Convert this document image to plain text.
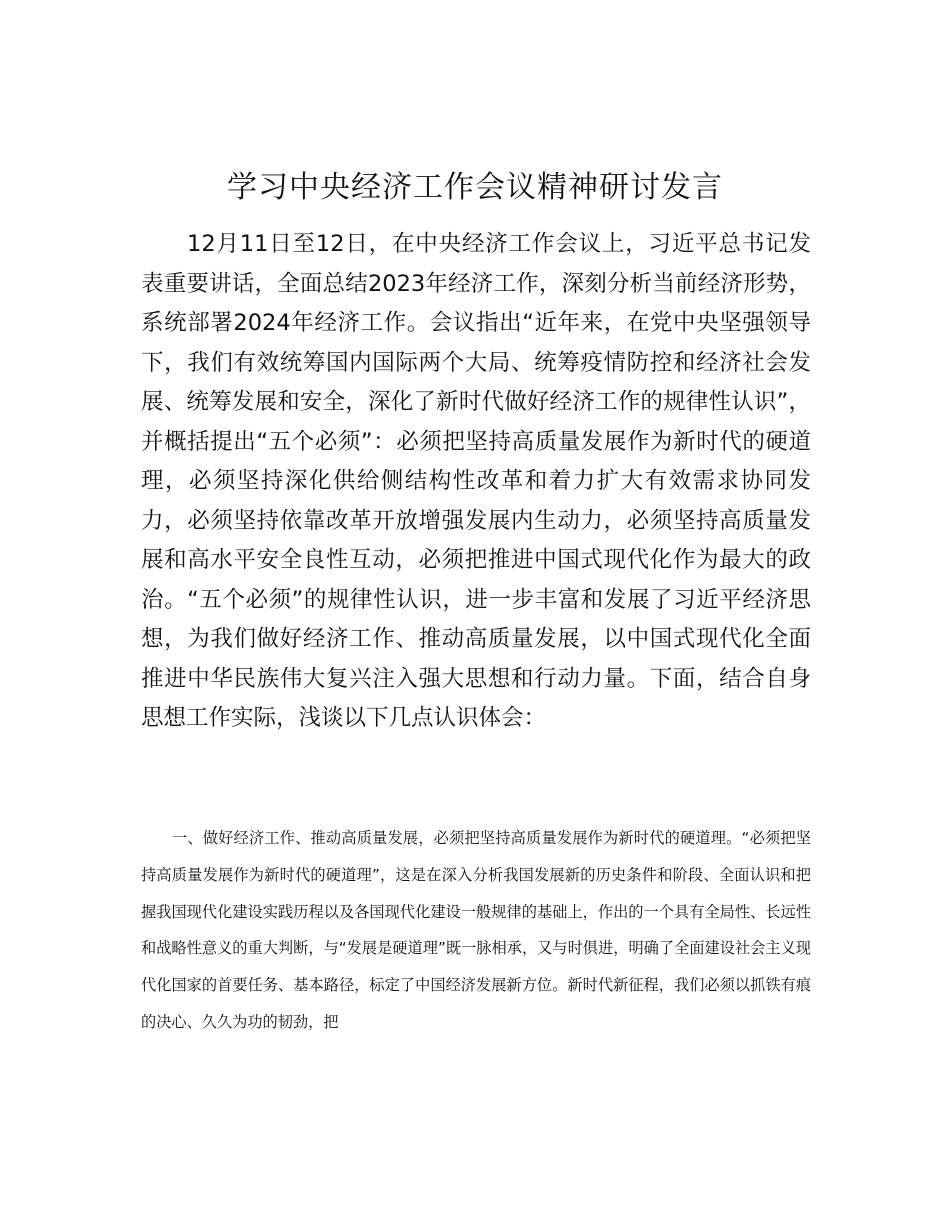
学习中央经济工作会议精神研讨发言

12月11日至12日，在中央经济工作会议上，习近平总书记发表重要讲话，全面总结2023年经济工作，深刻分析当前经济形势，系统部署2024年经济工作。会议指出“近年来，在党中央坚强领导下，我们有效统筹国内国际两个大局、统筹疫情防控和经济社会发展、统筹发展和安全，深化了新时代做好经济工作的规律性认识”，并概括提出“五个必须”：必须把坚持高质量发展作为新时代的硬道理，必须坚持深化供给侧结构性改革和着力扩大有效需求协同发力，必须坚持依靠改革开放增强发展内生动力，必须坚持高质量发展和高水平安全良性互动，必须把推进中国式现代化作为最大的政治。“五个必须”的规律性认识，进一步丰富和发展了习近平经济思想，为我们做好经济工作、推动高质量发展，以中国式现代化全面推进中华民族伟大复兴注入强大思想和行动力量。下面，结合自身思想工作实际，浅谈以下几点认识体会：

一、做好经济工作、推动高质量发展，必须把坚持高质量发展作为新时代的硬道理。“必须把坚持高质量发展作为新时代的硬道理”，这是在深入分析我国发展新的历史条件和阶段、全面认识和把握我国现代化建设实践历程以及各国现代化建设一般规律的基础上，作出的一个具有全局性、长远性和战略性意义的重大判断，与“发展是硬道理”既一脉相承，又与时俱进，明确了全面建设社会主义现代化国家的首要任务、基本路径，标定了中国经济发展新方位。新时代新征程，我们必须以抓铁有痕的决心、久久为功的韧劲，把
